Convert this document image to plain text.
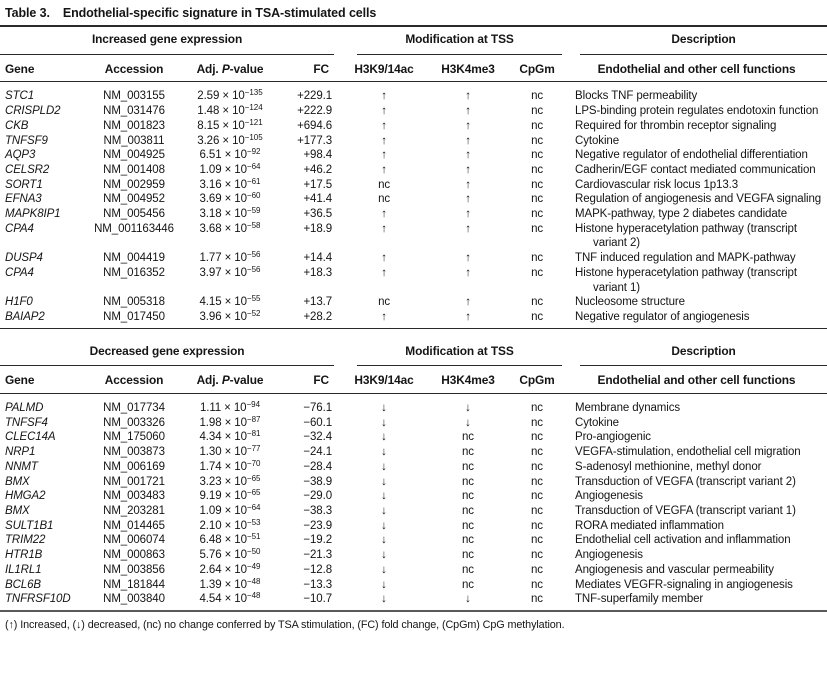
Table 3. Endothelial-specific signature in TSA-stimulated cells
Increased gene expression				Modification at TSS			Description

Gene	Accession	Adj. P-value	FC	H3K9/14ac	H3K4me3	CpGm	Endothelial and other cell functions
STC1	NM_003155	$2.59 \times 10^{-135}$	+229.1	↑	↑	nc	Blocks TNF permeability
CRISPLD2	NM_031476	$1.48 \times 10^{-124}$	+222.9	↑	↑	nc	LPS-binding protein regulates endotoxin function
CKB	NM_001823	$8.15 \times 10^{-121}$	+694.6	↑	↑	nc	Required for thrombin receptor signaling
TNFSF9	NM_003811	$3.26 \times 10^{-105}$	+177.3	↑	↑	nc	Cytokine
AQP3	NM_004925	$6.51 \times 10^{-92}$	+98.4	↑	↑	nc	Negative regulator of endothelial differentiation
CELSR2	NM_001408	$1.09 \times 10^{-64}$	+46.2	↑	↑	nc	Cadherin/EGF contact mediated communication
SORT1	NM_002959	$3.16 \times 10^{-61}$	+17.5	nc	↑	nc	Cardiovascular risk locus 1p13.3
EFNA3	NM_004952	$3.69 \times 10^{-60}$	+41.4	nc	↑	nc	Regulation of angiogenesis and VEGFA signaling
MAPK8IP1	NM_005456	$3.18 \times 10^{-59}$	+36.5	↑	↑	nc	MAPK-pathway, type 2 diabetes candidate
CPA4	NM_001163446	$3.68 \times 10^{-58}$	+18.9	↑	↑	nc	Histone hyperacetylation pathway (transcript variant 2)
DUSP4	NM_004419	$1.77 \times 10^{-56}$	+14.4	↑	↑	nc	TNF induced regulation and MAPK-pathway
CPA4	NM_016352	$3.97 \times 10^{-56}$	+18.3	↑	↑	nc	Histone hyperacetylation pathway (transcript variant 1)
H1F0	NM_005318	$4.15 \times 10^{-55}$	+13.7	nc	↑	nc	Nucleosome structure
BAIAP2	NM_017450	$3.96 \times 10^{-52}$	+28.2	↑	↑	nc	Negative regulator of angiogenesis
Decreased gene expression				Modification at TSS			Description

Gene	Accession	Adj. P-value	FC	H3K9/14ac	H3K4me3	CpGm	Endothelial and other cell functions
PALMD	NM_017734	$1.11 \times 10^{-94}$	−76.1	↓	↓	nc	Membrane dynamics
TNFSF4	NM_003326	$1.98 \times 10^{-87}$	−60.1	↓	↓	nc	Cytokine
CLEC14A	NM_175060	$4.34 \times 10^{-81}$	−32.4	↓	nc	nc	Pro-angiogenic
NRP1	NM_003873	$1.30 \times 10^{-77}$	−24.1	↓	nc	nc	VEGFA-stimulation, endothelial cell migration
NNMT	NM_006169	$1.74 \times 10^{-70}$	−28.4	↓	nc	nc	S-adenosyl methionine, methyl donor
BMX	NM_001721	$3.23 \times 10^{-65}$	−38.9	↓	nc	nc	Transduction of VEGFA (transcript variant 2)
HMGA2	NM_003483	$9.19 \times 10^{-65}$	−29.0	↓	nc	nc	Angiogenesis
BMX	NM_203281	$1.09 \times 10^{-64}$	−38.3	↓	nc	nc	Transduction of VEGFA (transcript variant 1)
SULT1B1	NM_014465	$2.10 \times 10^{-53}$	−23.9	↓	nc	nc	RORA mediated inflammation
TRIM22	NM_006074	$6.48 \times 10^{-51}$	−19.2	↓	nc	nc	Endothelial cell activation and inflammation
HTR1B	NM_000863	$5.76 \times 10^{-50}$	−21.3	↓	nc	nc	Angiogenesis
IL1RL1	NM_003856	$2.64 \times 10^{-49}$	−12.8	↓	nc	nc	Angiogenesis and vascular permeability
BCL6B	NM_181844	$1.39 \times 10^{-48}$	−13.3	↓	nc	nc	Mediates VEGFR-signaling in angiogenesis
TNFRSF10D	NM_003840	$4.54 \times 10^{-48}$	−10.7	↓	↓	nc	TNF-superfamily member
(↑) Increased, (↓) decreased, (nc) no change conferred by TSA stimulation, (FC) fold change, (CpGm) CpG methylation.
